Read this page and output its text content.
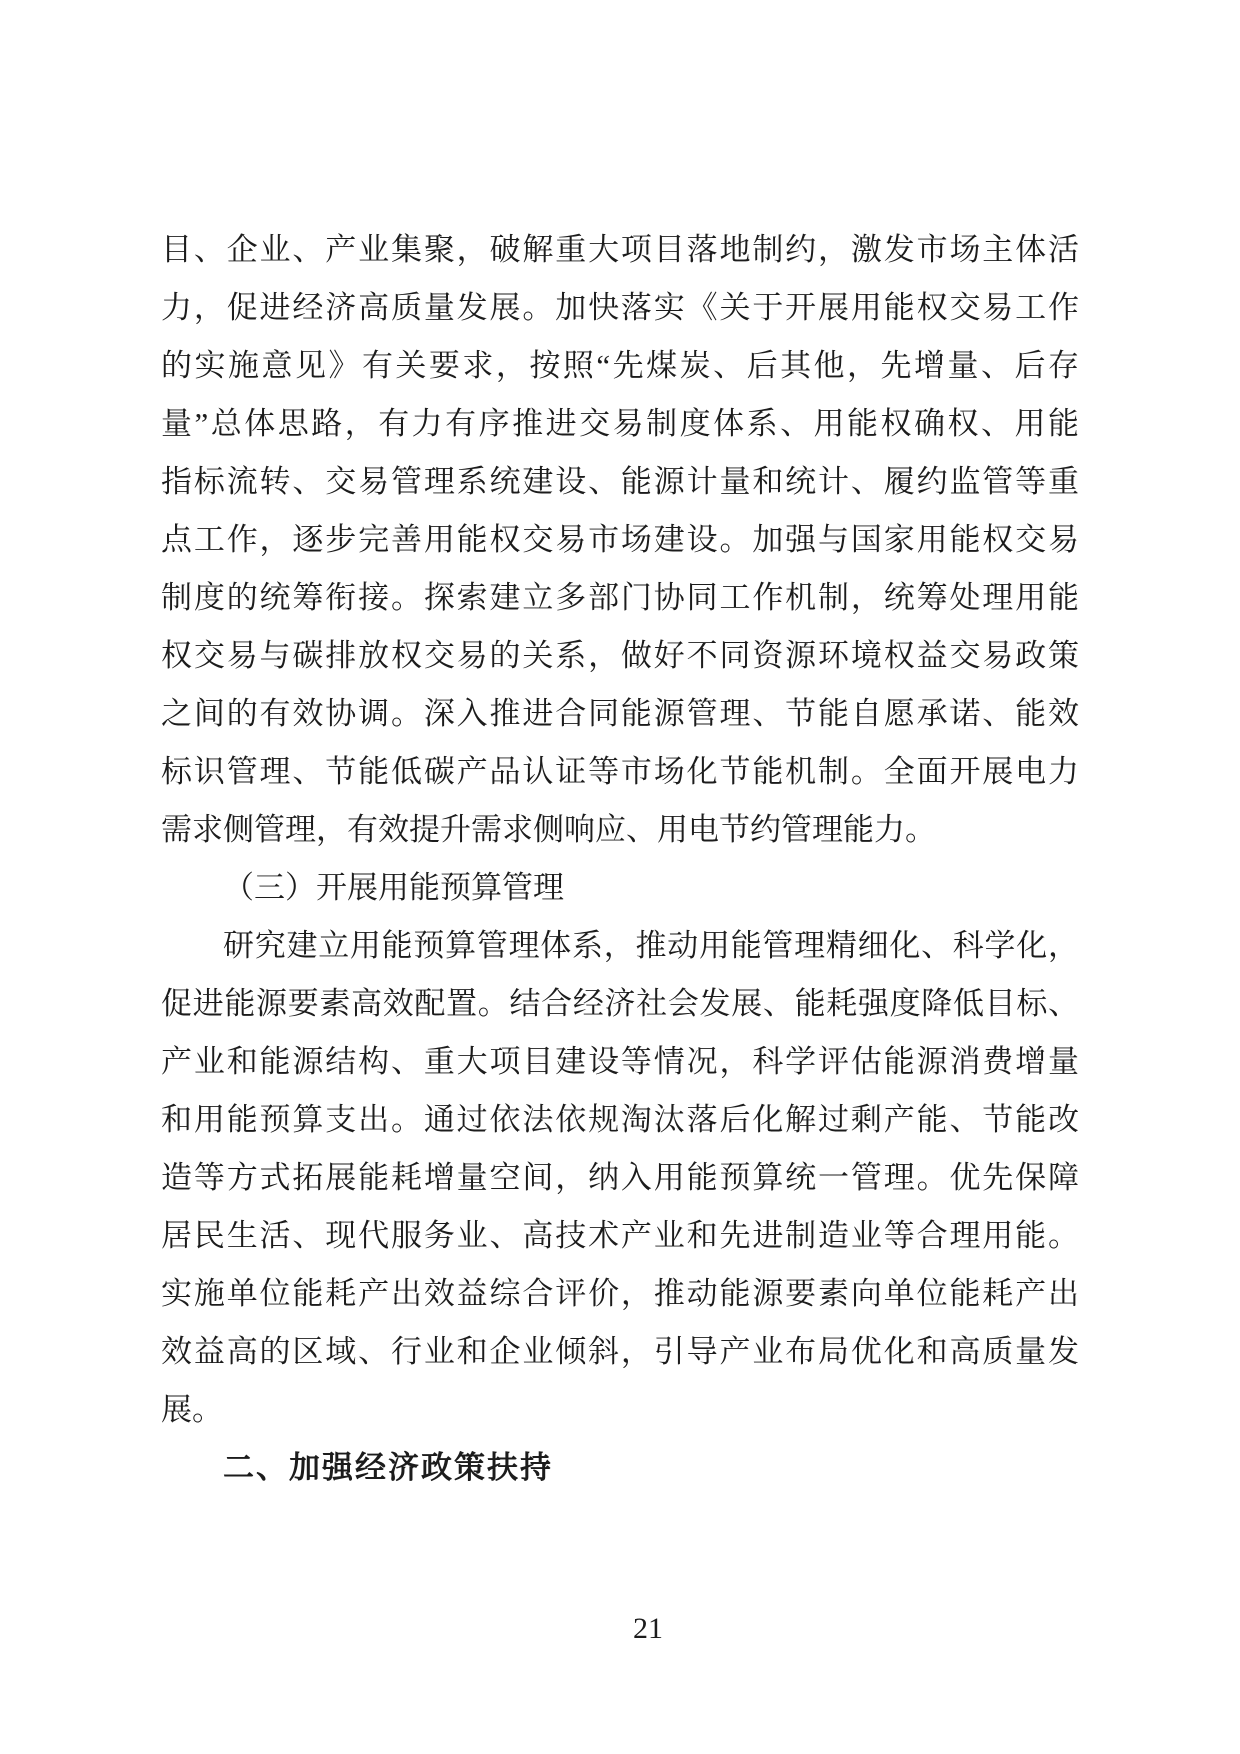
目、企业、产业集聚，破解重大项目落地制约，激发市场主体活
力，促进经济高质量发展。加快落实《关于开展用能权交易工作
的实施意见》有关要求，按照“先煤炭、后其他，先增量、后存
量”总体思路，有力有序推进交易制度体系、用能权确权、用能
指标流转、交易管理系统建设、能源计量和统计、履约监管等重
点工作，逐步完善用能权交易市场建设。加强与国家用能权交易
制度的统筹衔接。探索建立多部门协同工作机制，统筹处理用能
权交易与碳排放权交易的关系，做好不同资源环境权益交易政策
之间的有效协调。深入推进合同能源管理、节能自愿承诺、能效
标识管理、节能低碳产品认证等市场化节能机制。全面开展电力
需求侧管理，有效提升需求侧响应、用电节约管理能力。
（三）开展用能预算管理
研究建立用能预算管理体系，推动用能管理精细化、科学化，
促进能源要素高效配置。结合经济社会发展、能耗强度降低目标、
产业和能源结构、重大项目建设等情况，科学评估能源消费增量
和用能预算支出。通过依法依规淘汰落后化解过剩产能、节能改
造等方式拓展能耗增量空间，纳入用能预算统一管理。优先保障
居民生活、现代服务业、高技术产业和先进制造业等合理用能。
实施单位能耗产出效益综合评价，推动能源要素向单位能耗产出
效益高的区域、行业和企业倾斜，引导产业布局优化和高质量发
展。
二、加强经济政策扶持
21
